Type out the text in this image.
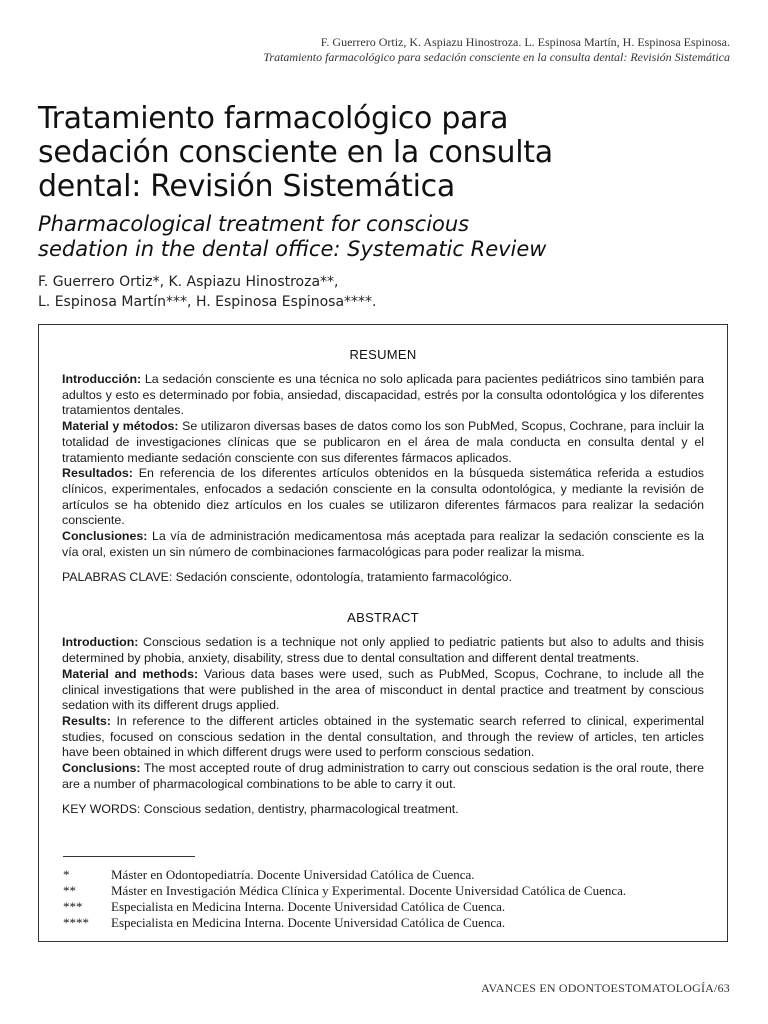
F. Guerrero Ortiz, K. Aspiazu Hinostroza. L. Espinosa Martín, H. Espinosa Espinosa.
Tratamiento farmacológico para sedación consciente en la consulta dental: Revisión Sistemática
Tratamiento farmacológico para
sedación consciente en la consulta
dental: Revisión Sistemática
Pharmacological treatment for conscious
sedation in the dental office: Systematic Review
F. Guerrero Ortiz*, K. Aspiazu Hinostroza**,
L. Espinosa Martín***, H. Espinosa Espinosa****.
RESUMEN

Introducción: La sedación consciente es una técnica no solo aplicada para pacientes pediátricos sino también para adultos y esto es determinado por fobia, ansiedad, discapacidad, estrés por la consulta odontológica y los diferentes tratamientos dentales.

Material y métodos: Se utilizaron diversas bases de datos como los son PubMed, Scopus, Cochrane, para incluir la totalidad de investigaciones clínicas que se publicaron en el área de mala conducta en consulta dental y el tratamiento mediante sedación consciente con sus diferentes fármacos aplicados.

Resultados: En referencia de los diferentes artículos obtenidos en la búsqueda sistemática referida a estudios clínicos, experimentales, enfocados a sedación consciente en la consulta odontológica, y mediante la revisión de artículos se ha obtenido diez artículos en los cuales se utilizaron diferentes fármacos para realizar la sedación consciente.

Conclusiones: La vía de administración medicamentosa más aceptada para realizar la sedación consciente es la vía oral, existen un sin número de combinaciones farmacológicas para poder realizar la misma.

PALABRAS CLAVE: Sedación consciente, odontología, tratamiento farmacológico.
ABSTRACT

Introduction: Conscious sedation is a technique not only applied to pediatric patients but also to adults and thisis determined by phobia, anxiety, disability, stress due to dental consultation and different dental treatments.

Material and methods: Various data bases were used, such as PubMed, Scopus, Cochrane, to include all the clinical investigations that were published in the area of misconduct in dental practice and treatment by conscious sedation with its different drugs applied.

Results: In reference to the different articles obtained in the systematic search referred to clinical, experimental studies, focused on conscious sedation in the dental consultation, and through the review of articles, ten articles have been obtained in which different drugs were used to perform conscious sedation.

Conclusions: The most accepted route of drug administration to carry out conscious sedation is the oral route, there are a number of pharmacological combinations to be able to carry it out.

KEY WORDS: Conscious sedation, dentistry, pharmacological treatment.
*	Máster en Odontopediatría. Docente Universidad Católica de Cuenca.
**	Máster en Investigación Médica Clínica y Experimental. Docente Universidad Católica de Cuenca.
***	Especialista en Medicina Interna. Docente Universidad Católica de Cuenca.
****	Especialista en Medicina Interna. Docente Universidad Católica de Cuenca.
AVANCES EN ODONTOESTOMATOLOGÍA/63
